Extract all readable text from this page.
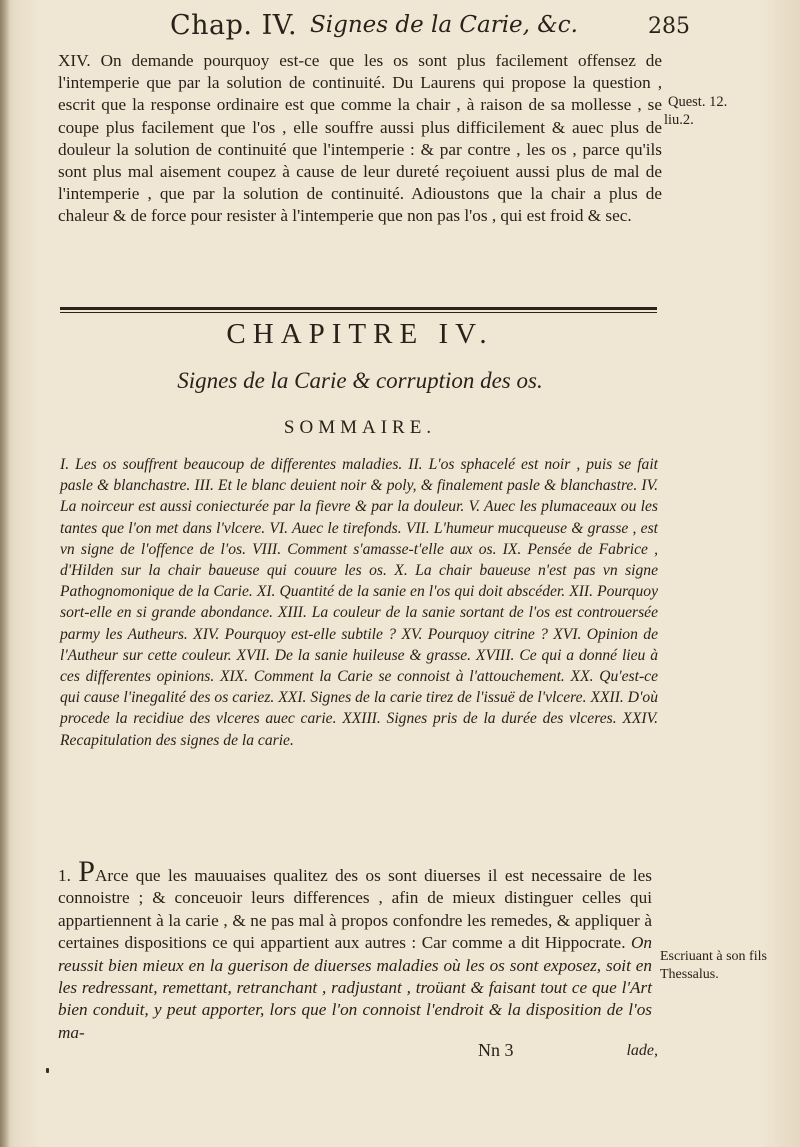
Chap. IV. Signes de la Carie, &c.	285
XIV. On demande pourquoy est-ce que les os sont plus facilement offensez de l'intemperie que par la solution de continuité. Du Laurens qui propose la question , escrit que la response ordinaire est que comme la chair , à raison de sa mollesse , se coupe plus facilement que l'os , elle souffre aussi plus difficilement & auec plus de douleur la solution de continuité que l'intemperie : & par contre , les os , parce qu'ils sont plus mal aisement coupez à cause de leur dureté reçoiuent aussi plus de mal de l'intemperie , que par la solution de continuité. Adioustons que la chair a plus de chaleur & de force pour resister à l'intemperie que non pas l'os , qui est froid & sec.
Quest. 12.
liu.2.
CHAPITRE IV.
Signes de la Carie & corruption des os.
SOMMAIRE.
I. Les os souffrent beaucoup de differentes maladies. II. L'os sphacelé est noir , puis se fait pasle & blanchastre. III. Et le blanc deuient noir & poly, & finalement pasle & blanchastre. IV. La noirceur est aussi coniecturée par la fievre & par la douleur. V. Auec les plumaceaux ou les tantes que l'on met dans l'vlcere. VI. Auec le tirefonds. VII. L'humeur mucqueuse & grasse , est vn signe de l'offence de l'os. VIII. Comment s'amasse-t'elle aux os. IX. Pensée de Fabrice , d'Hilden sur la chair baueuse qui couure les os. X. La chair baueuse n'est pas vn signe Pathognomonique de la Carie. XI. Quantité de la sanie en l'os qui doit abscéder. XII. Pourquoy sort-elle en si grande abondance. XIII. La couleur de la sanie sortant de l'os est controuersée parmy les Autheurs. XIV. Pourquoy est-elle subtile ? XV. Pourquoy citrine ? XVI. Opinion de l'Autheur sur cette couleur. XVII. De la sanie huileuse & grasse. XVIII. Ce qui a donné lieu à ces differentes opinions. XIX. Comment la Carie se connoist à l'attouchement. XX. Qu'est-ce qui cause l'inegalité des os cariez. XXI. Signes de la carie tirez de l'issuë de l'vlcere. XXII. D'où procede la recidiue des vlceres auec carie. XXIII. Signes pris de la durée des vlceres. XXIV. Recapitulation des signes de la carie.
1. PArce que les mauuaises qualitez des os sont diuerses il est necessaire de les connoistre ; & conceuoir leurs differences , afin de mieux distinguer celles qui appartiennent à la carie , & ne pas mal à propos confondre les remedes, & appliquer à certaines dispositions ce qui appartient aux autres : Car comme a dit Hippocrate. On reussit bien mieux en la guerison de diuerses maladies où les os sont exposez, soit en les redressant, remettant, retranchant , radjustant , troüant & faisant tout ce que l'Art bien conduit, y peut apporter, lors que l'on connoist l'endroit & la disposition de l'os ma-
Escriuant à son fils Thessalus.
Nn 3	lade,
